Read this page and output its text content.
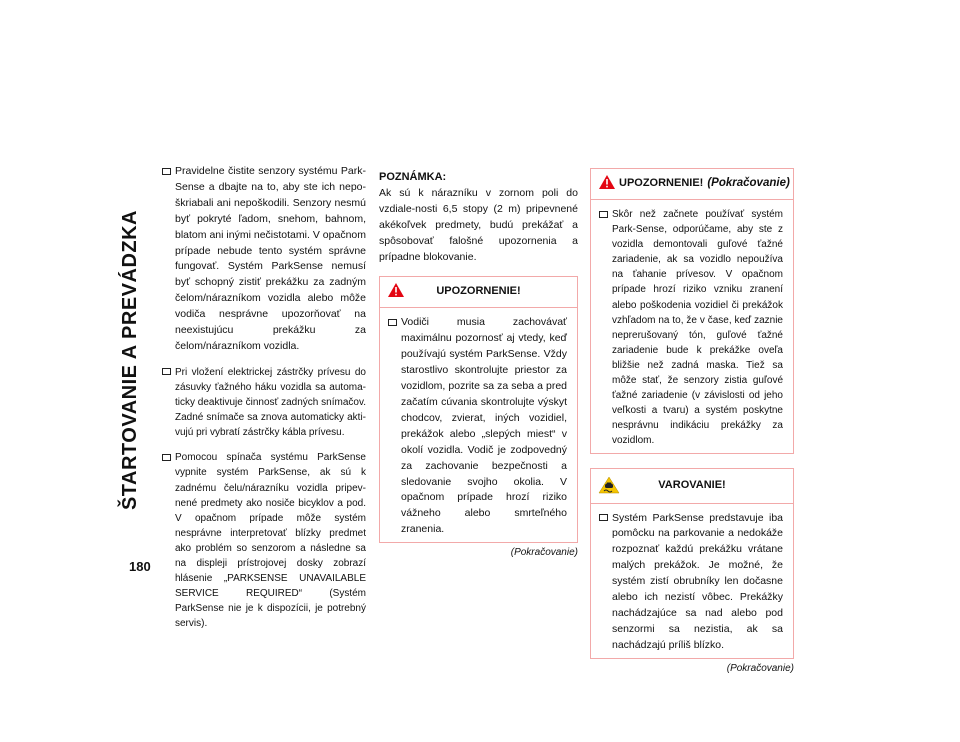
ŠTARTOVANIE A PREVÁDZKA
180
Pravidelne čistite senzory systému Park-Sense a dbajte na to, aby ste ich nepo-škriabali ani nepoškodili. Senzory nesmú byť pokryté ľadom, snehom, bahnom, blatom ani inými nečistotami. V opačnom prípade nebude tento systém správne fungovať. Systém ParkSense nemusí byť schopný zistiť prekážku za zadným čelom/nárazníkom vozidla alebo môže vodiča nesprávne upozorňovať na neexistujúcu prekážku za čelom/nárazníkom vozidla.
Pri vložení elektrickej zástrčky prívesu do zásuvky ťažného háku vozidla sa automa-ticky deaktivuje činnosť zadných snímačov. Zadné snímače sa znova automaticky akti-vujú pri vybratí zástrčky kábla prívesu.
Pomocou spínača systému ParkSense vypnite systém ParkSense, ak sú k zadnému čelu/nárazníku vozidla pripev-nené predmety ako nosiče bicyklov a pod. V opačnom prípade môže systém nesprávne interpretovať blízky predmet ako problém so senzorom a následne sa na displeji prístrojovej dosky zobrazí hlásenie „PARKSENSE UNAVAILABLE SERVICE REQUIRED“ (Systém ParkSense nie je k dispozícii, je potrebný servis).
POZNÁMKA:
Ak sú k nárazníku v zornom poli do vzdiale-nosti 6,5 stopy (2 m) pripevnené akékoľvek predmety, budú prekážať a spôsobovať falošné upozornenia a prípadne blokovanie.
UPOZORNENIE!
Vodiči musia zachovávať maximálnu pozornosť aj vtedy, keď používajú systém ParkSense. Vždy starostlivo skontrolujte priestor za vozidlom, pozrite sa za seba a pred začatím cúvania skontrolujte výskyt chodcov, zvierat, iných vozidiel, prekážok alebo „slepých miest“ v okolí vozidla. Vodič je zodpovedný za zachovanie bezpečnosti a sledovanie svojho okolia. V opačnom prípade hrozí riziko vážneho alebo smrteľného zranenia.
(Pokračovanie)
UPOZORNENIE! (Pokračovanie)
Skôr než začnete používať systém Park-Sense, odporúčame, aby ste z vozidla demontovali guľové ťažné zariadenie, ak sa vozidlo nepoužíva na ťahanie prívesov. V opačnom prípade hrozí riziko vzniku zranení alebo poškodenia vozidiel či prekážok vzhľadom na to, že v čase, keď zaznie neprerušovaný tón, guľové ťažné zariadenie bude k prekážke oveľa bližšie než zadná maska. Tiež sa môže stať, že senzory zistia guľové ťažné zariadenie (v závislosti od jeho veľkosti a tvaru) a systém poskytne nesprávnu indikáciu prekážky za vozidlom.
VAROVANIE!
Systém ParkSense predstavuje iba pomôcku na parkovanie a nedokáže rozpoznať každú prekážku vrátane malých prekážok. Je možné, že systém zistí obrubníky len dočasne alebo ich nezistí vôbec. Prekážky nachádzajúce sa nad alebo pod senzormi sa nezistia, ak sa nachádzajú príliš blízko.
(Pokračovanie)
